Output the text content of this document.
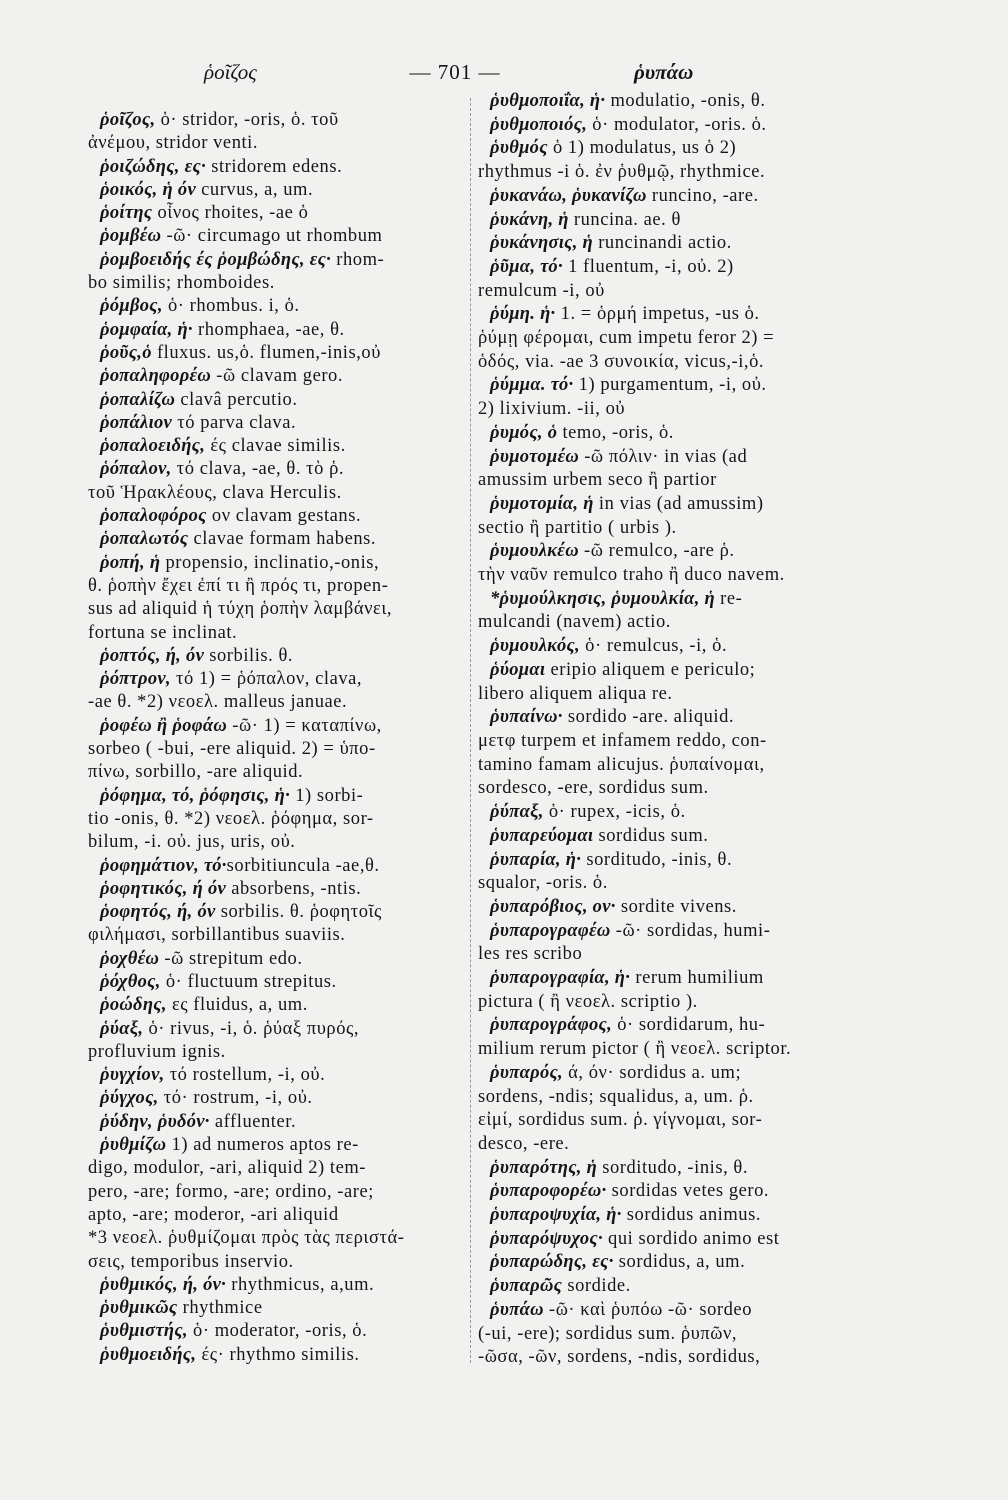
ῥοῖζος	— 701 —	ῥυπάω
ῥοῖζος, ὁ· stridor, -oris, ὁ. τοῦ
ἀνέμου, stridor venti.
ῥοιζώδης, ες· stridorem edens.
ῥοικός, ἡ όν curvus, a, um.
ῥοίτης οἶνος rhoites, -ae ὁ
ῥομβέω -ῶ· circumago ut rhombum
ῥομβοειδής ές ῥομβώδης, ες· rhom-
bo similis; rhomboides.
ῥόμβος, ὁ· rhombus. i, ὁ.
ῥομφαία, ἡ· rhomphaea, -ae, θ.
ῥοῦς,ὁ fluxus. us,ὁ. flumen,-inis,οὐ
ῥοπαληφορέω -ῶ clavam gero.
ῥοπαλίζω clavâ percutio.
ῥοπάλιον τό parva clava.
ῥοπαλοειδής, ές clavae similis.
ῥόπαλον, τό clava, -ae, θ. τὸ ῥ.
τοῦ Ἡρακλέους, clava Herculis.
ῥοπαλοφόρος ον clavam gestans.
ῥοπαλωτός clavae formam habens.
ῥοπή, ἡ propensio, inclinatio,-onis,
θ. ῥοπὴν ἔχει ἐπί τι ἢ πρός τι, propen-
sus ad aliquid ἡ τύχη ῥοπὴν λαμβάνει,
fortuna se inclinat.
ῥοπτός, ή, όν sorbilis. θ.
ῥόπτρον, τό 1) = ῥόπαλον, clava,
-ae θ. *2) νεοελ. malleus januae.
ῥοφέω ἢ ῥοφάω -ῶ· 1) = καταπίνω,
sorbeo ( -bui, -ere aliquid. 2) = ὑπο-
πίνω, sorbillo, -are aliquid.
ῥόφημα, τό, ῥόφησις, ἡ· 1) sorbi-
tio -onis, θ. *2) νεοελ. ῥόφημα, sor-
bilum, -i. οὐ. jus, uris, οὐ.
ῥοφημάτιον, τό·sorbitiuncula -ae,θ.
ῥοφητικός, ή όν absorbens, -ntis.
ῥοφητός, ή, όν sorbilis. θ. ῥοφητοῖς
φιλήμασι, sorbillantibus suaviis.
ῥοχθέω -ῶ strepitum edo.
ῥόχθος, ὁ· fluctuum strepitus.
ῥοώδης, ες fluidus, a, um.
ῥύαξ, ὁ· rivus, -i, ὁ. ῥύαξ πυρός,
profluvium ignis.
ῥυγχίον, τό rostellum, -i, οὐ.
ῥύγχος, τό· rostrum, -i, οὐ.
ῥύδην, ῥυδόν· affluenter.
ῥυθμίζω 1) ad numeros aptos re-
digo, modulor, -ari, aliquid 2) tem-
pero, -are; formo, -are; ordino, -are;
apto, -are; moderor, -ari aliquid
*3 νεοελ. ῥυθμίζομαι πρὸς τὰς περιστά-
σεις, temporibus inservio.
ῥυθμικός, ή, όν· rhythmicus, a,um.
ῥυθμικῶς rhythmice
ῥυθμιστής, ὁ· moderator, -oris, ὁ.
ῥυθμοειδής, ές· rhythmo similis.
ῥυθμοποιΐα, ἡ· modulatio, -onis, θ.
ῥυθμοποιός, ὁ· modulator, -oris. ὁ.
ῥυθμός ὁ 1) modulatus, us ὁ 2)
rhythmus -i ὁ. ἐν ῥυθμῷ, rhythmice.
ῥυκανάω, ῥυκανίζω runcino, -are.
ῥυκάνη, ἡ runcina. ae. θ
ῥυκάνησις, ἡ runcinandi actio.
ῥῦμα, τό· 1 fluentum, -i, οὐ. 2)
remulcum -i, οὐ
ῥύμη. ἡ· 1. = ὁρμή impetus, -us ὁ.
ῥύμῃ φέρομαι, cum impetu feror 2) =
ὁδός, via. -ae 3 συνοικία, vicus,-i,ὁ.
ῥύμμα. τό· 1) purgamentum, -i, οὐ.
2) lixivium. -ii, οὐ
ῥυμός, ὁ temo, -oris, ὁ.
ῥυμοτομέω -ῶ πόλιν· in vias (ad
amussim urbem seco ἢ partior
ῥυμοτομία, ἡ in vias (ad amussim)
sectio ἢ partitio ( urbis ).
ῥυμουλκέω -ῶ remulco, -are ῥ.
τὴν ναῦν remulco traho ἢ duco navem.
*ῥυμούλκησις, ῥυμουλκία, ἡ re-
mulcandi (navem) actio.
ῥυμουλκός, ὁ· remulcus, -i, ὁ.
ῥύομαι eripio aliquem e periculo;
libero aliquem aliqua re.
ῥυπαίνω· sordido -are. aliquid.
μετφ turpem et infamem reddo, con-
tamino famam alicujus. ῥυπαίνομαι,
sordesco, -ere, sordidus sum.
ῥύπαξ, ὁ· rupex, -icis, ὁ.
ῥυπαρεύομαι sordidus sum.
ῥυπαρία, ἡ· sorditudo, -inis, θ.
squalor, -oris. ὁ.
ῥυπαρόβιος, ον· sordite vivens.
ῥυπαρογραφέω -ῶ· sordidas, humi-
les res scribo
ῥυπαρογραφία, ἡ· rerum humilium
pictura ( ἢ νεοελ. scriptio ).
ῥυπαρογράφος, ὁ· sordidarum, hu-
milium rerum pictor ( ἢ νεοελ. scriptor.
ῥυπαρός, ά, όν· sordidus a. um;
sordens, -ndis; squalidus, a, um. ῥ.
εἰμί, sordidus sum. ῥ. γίγνομαι, sor-
desco, -ere.
ῥυπαρότης, ἡ sorditudo, -inis, θ.
ῥυπαροφορέω· sordidas vetes gero.
ῥυπαροψυχία, ἡ· sordidus animus.
ῥυπαρόψυχος· qui sordido animo est
ῥυπαρώδης, ες· sordidus, a, um.
ῥυπαρῶς sordide.
ῥυπάω -ῶ· καὶ ῥυπόω -ῶ· sordeo
(-ui, -ere); sordidus sum. ῥυπῶν,
-ῶσα, -ῶν, sordens, -ndis, sordidus,
